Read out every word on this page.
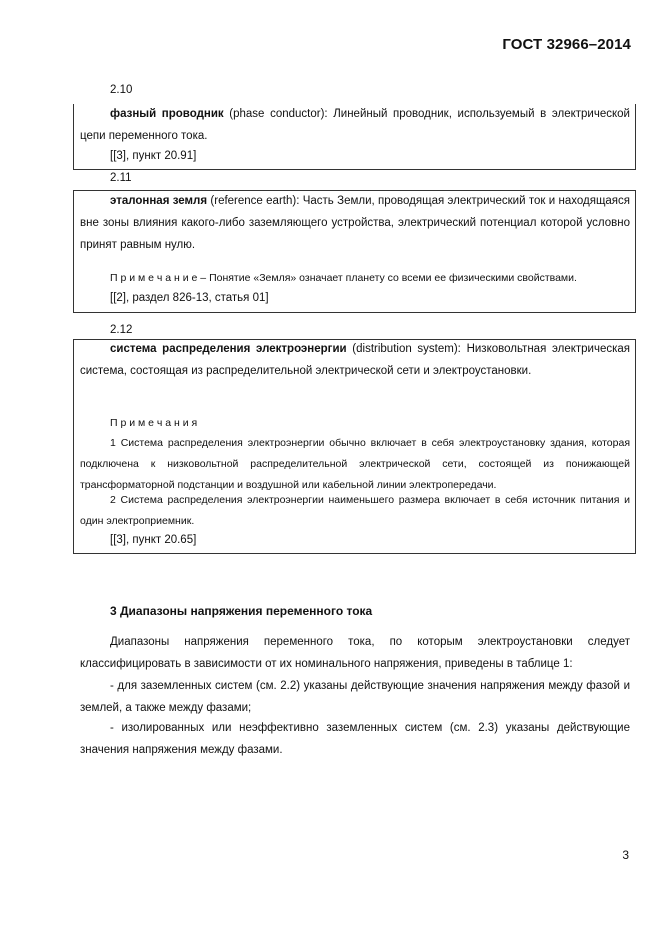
ГОСТ 32966–2014
2.10

фазный проводник (phase conductor): Линейный проводник, используемый в электрической цепи переменного тока.

[[3], пункт 20.91]

2.11

эталонная земля (reference earth): Часть Земли, проводящая электрический ток и находящаяся вне зоны влияния какого-либо заземляющего устройства, электрический потенциал которой условно принят равным нулю.

П р и м е ч а н и е – Понятие «Земля» означает планету со всеми ее физическими свойствами.

[[2], раздел 826-13, статья 01]

2.12

система распределения электроэнергии (distribution system): Низковольтная электрическая система, состоящая из распределительной электрической сети и электроустановки.

П р и м е ч а н и я

1 Система распределения электроэнергии обычно включает в себя электроустановку здания, которая подключена к низковольтной распределительной электрической сети, состоящей из понижающей трансформаторной подстанции и воздушной или кабельной линии электропередачи.

2 Система распределения электроэнергии наименьшего размера включает в себя источник питания и один электроприемник.

[[3], пункт 20.65]

3 Диапазоны напряжения переменного тока

Диапазоны напряжения переменного тока, по которым электроустановки следует классифицировать в зависимости от их номинального напряжения, приведены в таблице 1:

- для заземленных систем (см. 2.2) указаны действующие значения напряжения между фазой и землей, а также между фазами;

- изолированных или неэффективно заземленных систем (см. 2.3) указаны действующие значения напряжения между фазами.

3
